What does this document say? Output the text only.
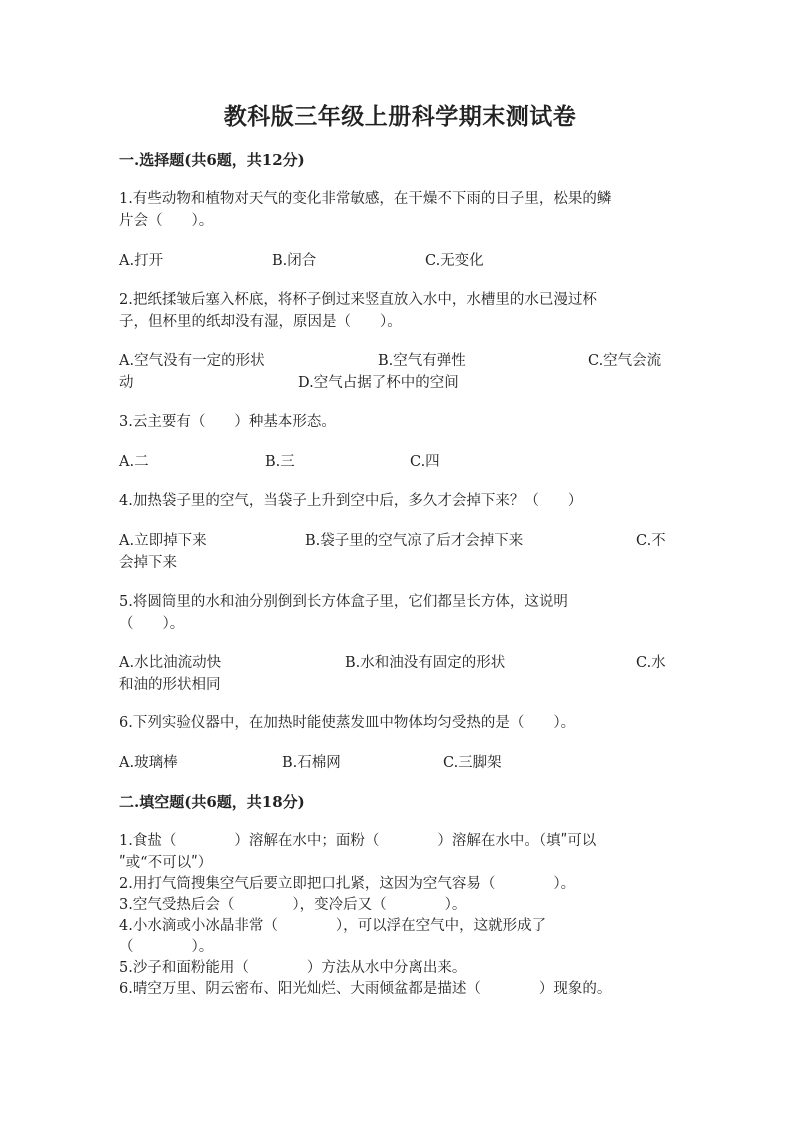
教科版三年级上册科学期末测试卷
一.选择题(共6题，共12分)
1.有些动物和植物对天气的变化非常敏感，在干燥不下雨的日子里，松果的鳞
片会（　　）。
A.打开	B.闭合	C.无变化
2.把纸揉皱后塞入杯底，将杯子倒过来竖直放入水中，水槽里的水已漫过杯
子，但杯里的纸却没有湿，原因是（　　）。
A.空气没有一定的形状	B.空气有弹性	C.空气会流
动	D.空气占据了杯中的空间
3.云主要有（　　）种基本形态。
A.二	B.三	C.四
4.加热袋子里的空气，当袋子上升到空中后，多久才会掉下来？（　　）
A.立即掉下来	B.袋子里的空气凉了后才会掉下来	C.不
会掉下来
5.将圆筒里的水和油分别倒到长方体盒子里，它们都呈长方体，这说明
（　　）。
A.水比油流动快	B.水和油没有固定的形状	C.水
和油的形状相同
6.下列实验仪器中，在加热时能使蒸发皿中物体均匀受热的是（　　）。
A.玻璃棒	B.石棉网	C.三脚架
二.填空题(共6题，共18分)
1.食盐（　　　　）溶解在水中；面粉（　　　　）溶解在水中。（填ʺ可以
ʺ或“不可以ʺ）
2.用打气筒搜集空气后要立即把口扎紧，这因为空气容易（　　　　）。
3.空气受热后会（　　　　），变冷后又（　　　　）。
4.小水滴或小冰晶非常（　　　　），可以浮在空气中，这就形成了
（　　　　）。
5.沙子和面粉能用（　　　　）方法从水中分离出来。
6.晴空万里、阴云密布、阳光灿烂、大雨倾盆都是描述（　　　　）现象的。
